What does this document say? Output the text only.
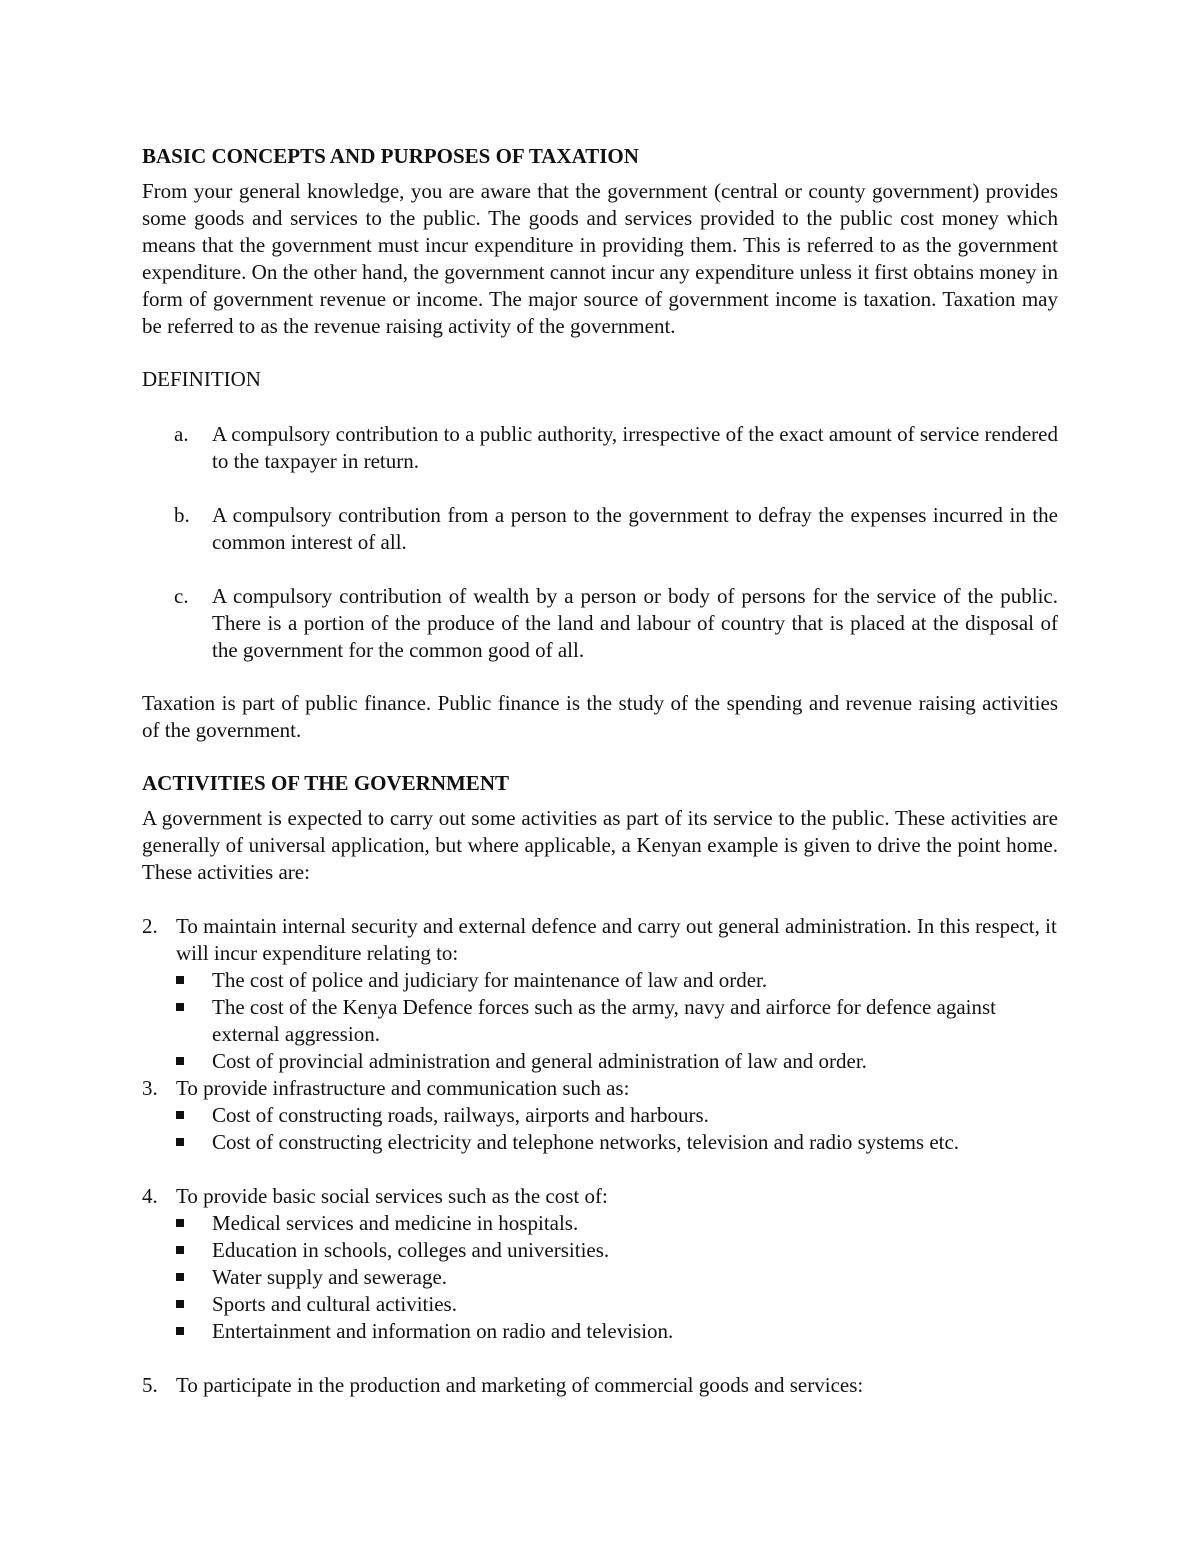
BASIC CONCEPTS AND PURPOSES OF TAXATION

From your general knowledge, you are aware that the government (central or county government) provides some goods and services to the public. The goods and services provided to the public cost money which means that the government must incur expenditure in providing them. This is referred to as the government expenditure. On the other hand, the government cannot incur any expenditure unless it first obtains money in form of government revenue or income. The major source of government income is taxation. Taxation may be referred to as the revenue raising activity of the government.

DEFINITION

a. A compulsory contribution to a public authority, irrespective of the exact amount of service rendered to the taxpayer in return.
b. A compulsory contribution from a person to the government to defray the expenses incurred in the common interest of all.
c. A compulsory contribution of wealth by a person or body of persons for the service of the public. There is a portion of the produce of the land and labour of country that is placed at the disposal of the government for the common good of all.

Taxation is part of public finance. Public finance is the study of the spending and revenue raising activities of the government.

ACTIVITIES OF THE GOVERNMENT

A government is expected to carry out some activities as part of its service to the public. These activities are generally of universal application, but where applicable, a Kenyan example is given to drive the point home. These activities are:

2. To maintain internal security and external defence and carry out general administration. In this respect, it will incur expenditure relating to:

The cost of police and judiciary for maintenance of law and order.
The cost of the Kenya Defence forces such as the army, navy and airforce for defence against external aggression.
Cost of provincial administration and general administration of law and order.
3. To provide infrastructure and communication such as:

Cost of constructing roads, railways, airports and harbours.
Cost of constructing electricity and telephone networks, television and radio systems etc.
4. To provide basic social services such as the cost of:

Medical services and medicine in hospitals.
Education in schools, colleges and universities.
Water supply and sewerage.
Sports and cultural activities.
Entertainment and information on radio and television.
5. To participate in the production and marketing of commercial goods and services:
